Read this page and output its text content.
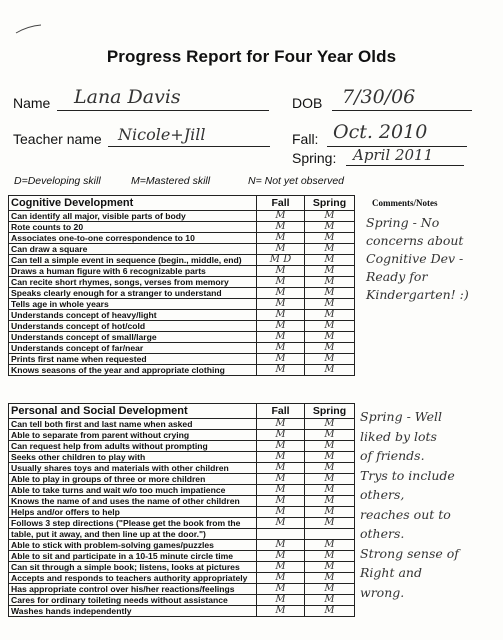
Progress Report for Four Year Olds
Name Lana Davis	DOB 7/30/06
Teacher name Nicole+Jill	Fall: Oct. 2010
Spring: April 2011
D=Developing skill	M=Mastered skill	N= Not yet observed
Comments/Notes
Cognitive Development	Fall	Spring
Can identify all major, visible parts of body	M	M
Rote counts to 20	M	M
Associates one-to-one correspondence to 10	M	M
Can draw a square	M	M
Can tell a simple event in sequence (begin., middle, end)	M D	M
Draws a human figure with 6 recognizable parts	M	M
Can recite short rhymes, songs, verses from memory	M	M
Speaks clearly enough for a stranger to understand	M	M
Tells age in whole years	M	M
Understands concept of heavy/light	M	M
Understands concept of hot/cold	M	M
Understands concept of small/large	M	M
Understands concept of far/near	M	M
Prints first name when requested	M	M
Knows seasons of the year and appropriate clothing	M	M
Spring - No
concerns about
Cognitive Dev -
Ready for
Kindergarten! :)
Personal and Social Development	Fall	Spring
Can tell both first and last name when asked	M	M
Able to separate from parent without crying	M	M
Can request help from adults without prompting	M	M
Seeks other children to play with	M	M
Usually shares toys and materials with other children	M	M
Able to play in groups of three or more children	M	M
Able to take turns and wait w/o too much impatience	M	M
Knows the name of and uses the name of other children	M	M
Helps and/or offers to help	M	M
Follows 3 step directions ("Please get the book from the	M	M
table, put it away, and then line up at the door.")		
Able to stick with problem-solving games/puzzles	M	M
Able to sit and participate in a 10-15 minute circle time	M	M
Can sit through a simple book; listens, looks at pictures	M	M
Accepts and responds to teachers authority appropriately	M	M
Has appropriate control over his/her reactions/feelings	M	M
Cares for ordinary toileting needs without assistance	M	M
Washes hands independently	M	M
Spring - Well
liked by lots
of friends.
Trys to include
others,
reaches out to
others.
Strong sense of
Right and
wrong.
